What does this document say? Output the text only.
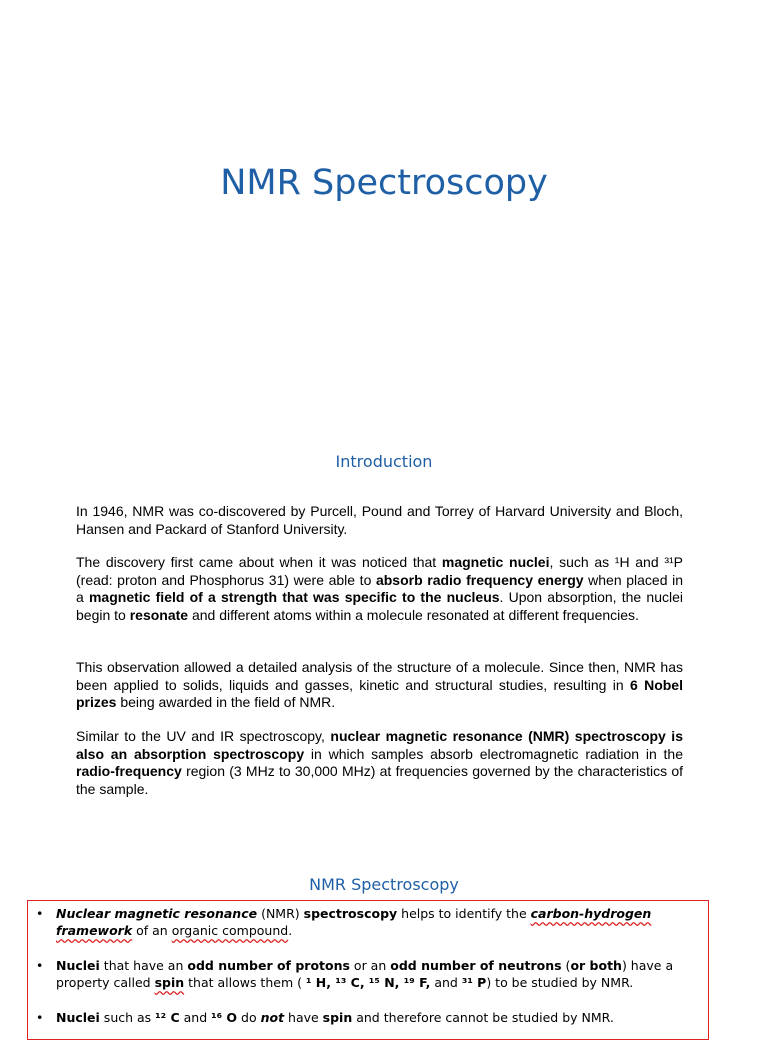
NMR Spectroscopy
Introduction

In 1946, NMR was co-discovered by Purcell, Pound and Torrey of Harvard University and Bloch, Hansen and Packard of Stanford University.

The discovery first came about when it was noticed that magnetic nuclei, such as ¹H and ³¹P (read: proton and Phosphorus 31) were able to absorb radio frequency energy when placed in a magnetic field of a strength that was specific to the nucleus. Upon absorption, the nuclei begin to resonate and different atoms within a molecule resonated at different frequencies.

This observation allowed a detailed analysis of the structure of a molecule. Since then, NMR has been applied to solids, liquids and gasses, kinetic and structural studies, resulting in 6 Nobel prizes being awarded in the field of NMR.

Similar to the UV and IR spectroscopy, nuclear magnetic resonance (NMR) spectroscopy is also an absorption spectroscopy in which samples absorb electromagnetic radiation in the radio-frequency region (3 MHz to 30,000 MHz) at frequencies governed by the characteristics of the sample.

NMR Spectroscopy
• Nuclear magnetic resonance (NMR) spectroscopy helps to identify the carbon-hydrogen framework of an organic compound.
• Nuclei that have an odd number of protons or an odd number of neutrons (or both) have a property called spin that allows them ( ¹ H, ¹³ C, ¹⁵ N, ¹⁹ F, and ³¹ P) to be studied by NMR.
• Nuclei such as ¹² C and ¹⁶ O do not have spin and therefore cannot be studied by NMR.
